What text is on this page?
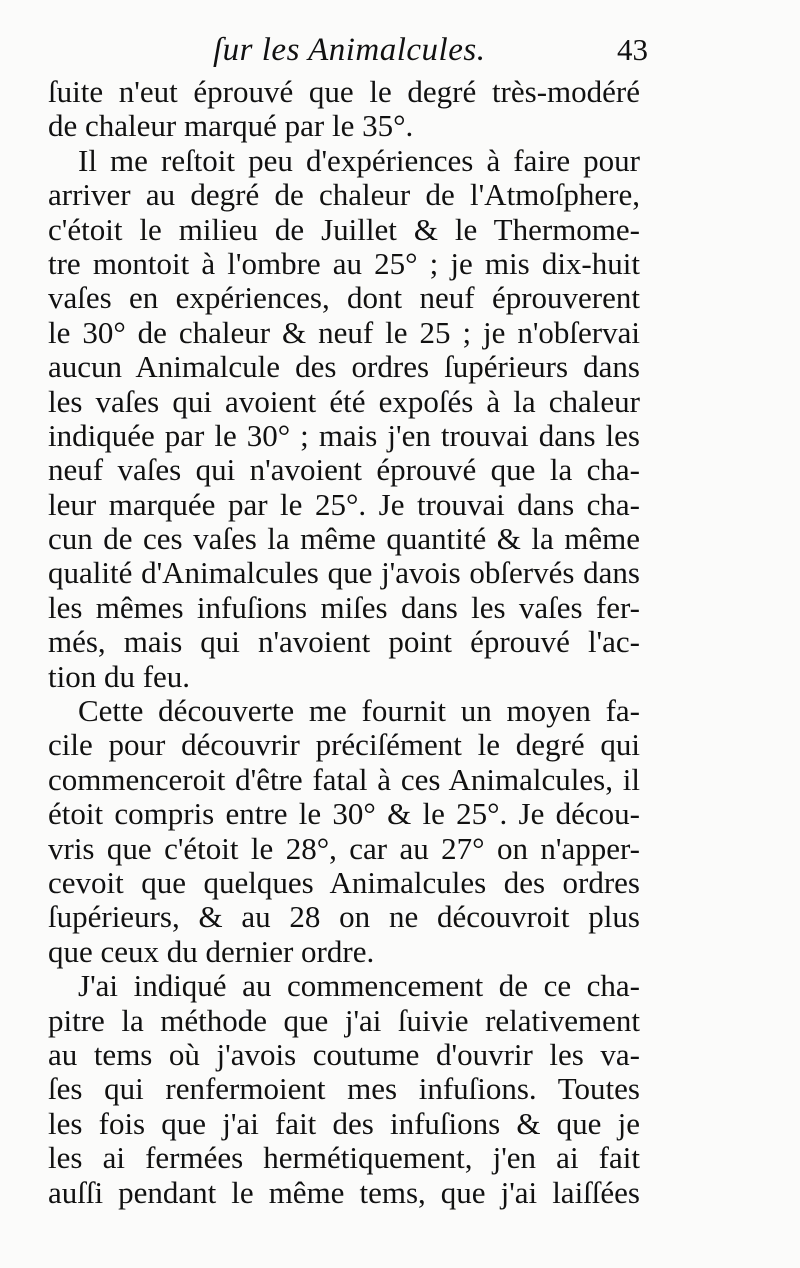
ſur les Animalcules.	43
ſuite n'eut éprouvé que le degré très-modéré
de chaleur marqué par le 35°.
Il me reſtoit peu d'expériences à faire pour
arriver au degré de chaleur de l'Atmoſphere,
c'étoit le milieu de Juillet & le Thermome-
tre montoit à l'ombre au 25° ; je mis dix-huit
vaſes en expériences, dont neuf éprouverent
le 30° de chaleur & neuf le 25 ; je n'obſervai
aucun Animalcule des ordres ſupérieurs dans
les vaſes qui avoient été expoſés à la chaleur
indiquée par le 30° ; mais j'en trouvai dans les
neuf vaſes qui n'avoient éprouvé que la cha-
leur marquée par le 25°. Je trouvai dans cha-
cun de ces vaſes la même quantité & la même
qualité d'Animalcules que j'avois obſervés dans
les mêmes infuſions miſes dans les vaſes fer-
més, mais qui n'avoient point éprouvé l'ac-
tion du feu.
Cette découverte me fournit un moyen fa-
cile pour découvrir préciſément le degré qui
commenceroit d'être fatal à ces Animalcules, il
étoit compris entre le 30° & le 25°. Je décou-
vris que c'étoit le 28°, car au 27° on n'apper-
cevoit que quelques Animalcules des ordres
ſupérieurs, & au 28 on ne découvroit plus
que ceux du dernier ordre.
J'ai indiqué au commencement de ce cha-
pitre la méthode que j'ai ſuivie relativement
au tems où j'avois coutume d'ouvrir les va-
ſes qui renfermoient mes infuſions. Toutes
les fois que j'ai fait des infuſions & que je
les ai fermées hermétiquement, j'en ai fait
auſſi pendant le même tems, que j'ai laiſſées
